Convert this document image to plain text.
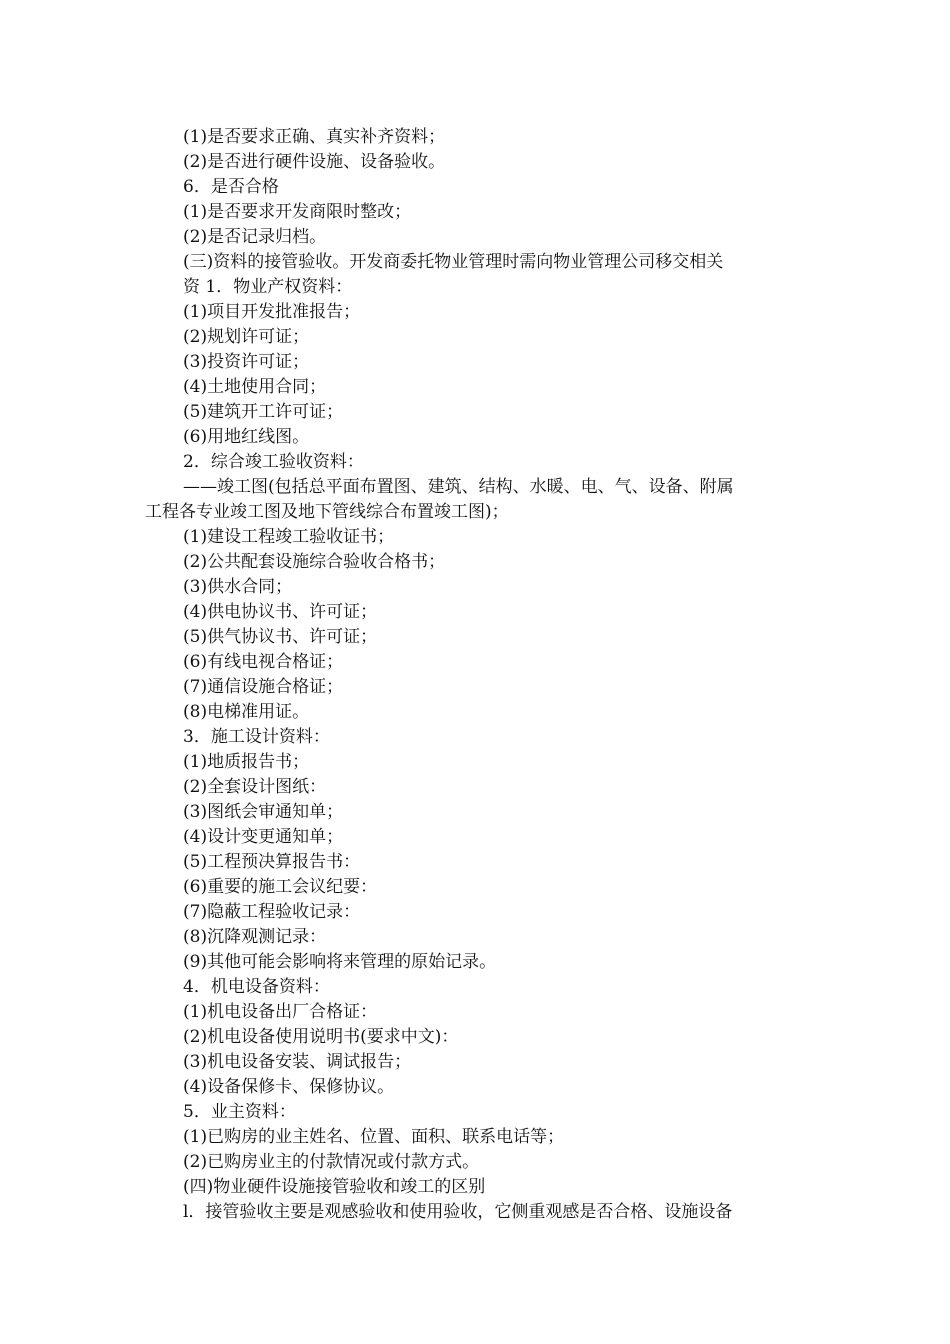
(1)是否要求正确、真实补齐资料；
(2)是否进行硬件设施、设备验收。
6．是否合格
(1)是否要求开发商限时整改；
(2)是否记录归档。
(三)资料的接管验收。开发商委托物业管理时需向物业管理公司移交相关
资 1．物业产权资料：
(1)项目开发批准报告；
(2)规划许可证；
(3)投资许可证；
(4)土地使用合同；
(5)建筑开工许可证；
(6)用地红线图。
2．综合竣工验收资料：
——竣工图(包括总平面布置图、建筑、结构、水暖、电、气、设备、附属
工程各专业竣工图及地下管线综合布置竣工图)；
(1)建设工程竣工验收证书；
(2)公共配套设施综合验收合格书；
(3)供水合同；
(4)供电协议书、许可证；
(5)供气协议书、许可证；
(6)有线电视合格证；
(7)通信设施合格证；
(8)电梯准用证。
3．施工设计资料：
(1)地质报告书；
(2)全套设计图纸：
(3)图纸会审通知单；
(4)设计变更通知单；
(5)工程预决算报告书：
(6)重要的施工会议纪要：
(7)隐蔽工程验收记录：
(8)沉降观测记录：
(9)其他可能会影响将来管理的原始记录。
4．机电设备资料：
(1)机电设备出厂合格证：
(2)机电设备使用说明书(要求中文)：
(3)机电设备安装、调试报告；
(4)设备保修卡、保修协议。
5．业主资料：
(1)已购房的业主姓名、位置、面积、联系电话等；
(2)已购房业主的付款情况或付款方式。
(四)物业硬件设施接管验收和竣工的区别
l．接管验收主要是观感验收和使用验收，它侧重观感是否合格、设施设备
